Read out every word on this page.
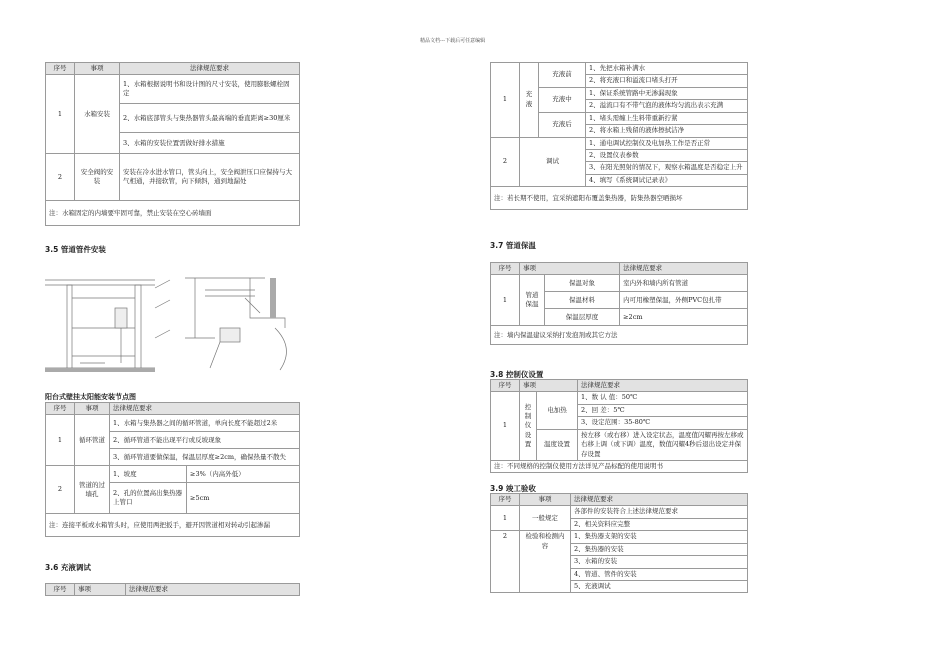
精品文档---下载后可任意编辑
序号	事项	法律规范要求
1	水箱安装	1、水箱根据说明书和设计图的尺寸安装，使用膨胀螺栓固定
		2、水箱底部管头与集热器管头最高端的垂直距离≥30厘米
		3、水箱的安装位置需做好排水措施
2	安全阀的安装	安装在冷水进水管口，管头向上，安全阀泄压口应保持与大气相通，并接软管，向下倾斜，通到地漏处
注：水箱固定的内墙要牢固可靠，禁止安装在空心砖墙面		
3.5 管道管件安装
阳台式壁挂太阳能安装节点图
序号	事项	法律规范要求	
1	循环管道	1、水箱与集热器之间的循环管道，单向长度不能超过2米	
		2、循环管道不能出现平行或反坡现象	
		3、循环管道要做保温，保温层厚度≥2cm，确保热量不散失	
2	管道的过墙孔	1、坡度	≥3%（内高外低）
		2、孔的位置高出集热器上管口	≥5cm
注：连接平板或水箱管头时，应使用两把扳手，避开因管道相对转动引起渗漏			
3.6 充液调试
序号	事项	法律规范要求
1	充液	充液前	1、先把水箱补满水
			2、将充液口和溢流口堵头打开
		充液中	1、保证系统管路中无渗漏现象
			2、溢流口有不带气泡的液体均匀流出表示充满
		充液后	1、堵头需缠上生料带重新拧紧
			2、将水箱上残留的液体擦拭洁净
2	调试		1、通电调试控制仪及电加热工作是否正常
			2、设置仪表参数
			3、在阳光照射的情况下，观察水箱温度是否稳定上升
			4、填写《系统调试记录表》
注：若长期不使用，宜采纳遮阳布覆盖集热器，防集热器空晒损坏			
3.7 管道保温
序号	事项		法律规范要求
1	管道保温	保温对象	室内外和墙内所有管道
		保温材料	内可用橡塑保温，外侧PVC包扎带
		保温层厚度	≥2cm
注：墙内保温建议采纳打发泡剂或其它方法			
3.8 控制仪设置
序号	事项		法律规范要求
1	控制仪设置	电加热	1、数 认 值：50℃
			2、回 差：5℃
			3、设定范围：35-80℃
		温度设置	按左移（或右移）进入设定状态，温度值闪耀再按左移或右移上调（或下调）温度，数值闪耀4秒后退出设定并保存设置
注：不同规格的控制仪使用方法详见产品标配的使用说明书			
3.9 竣工验收
序号	事项	法律规范要求
1	一般规定	各部件的安装符合上述法律规范要求
		2、相关资料应完整
2	检验和检测内容	1、集热器支架的安装
		2、集热器的安装
		3、水箱的安装
		4、管道、管件的安装
		5、充液调试
